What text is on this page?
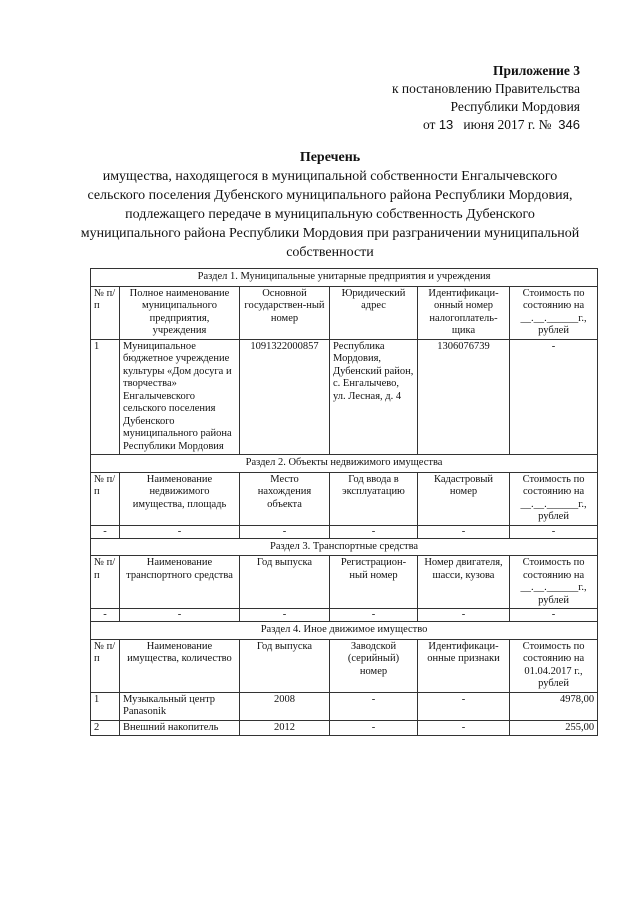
Приложение 3
к постановлению Правительства
Республики Мордовия
от 13 июня 2017 г. № 346
Перечень
имущества, находящегося в муниципальной собственности Енгалычевского сельского поселения Дубенского муниципального района Республики Мордовия, подлежащего передаче в муниципальную собственность Дубенского муниципального района Республики Мордовия при разграничении муниципальной собственности
Раздел 1. Муниципальные унитарные предприятия и учреждения					
№ п/п	Полное наименование муниципального предприятия, учреждения	Основной государствен-ный номер	Юридический адрес	Идентификаци-онный номер налогоплатель-щика	Стоимость по состоянию на __.__.______г., рублей
1	Муниципальное бюджетное учреждение культуры «Дом досуга и творчества» Енгалычевского сельского поселения Дубенского муниципального района Республики Мордовия	1091322000857	Республика Мордовия, Дубенский район, с. Енгалычево, ул. Лесная, д. 4	1306076739	-
Раздел 2. Объекты недвижимого имущества					
№ п/п	Наименование недвижимого имущества, площадь	Место нахождения объекта	Год ввода в эксплуатацию	Кадастровый номер	Стоимость по состоянию на __.__.______г., рублей
-	-	-	-	-	-
Раздел 3. Транспортные средства					
№ п/п	Наименование транспортного средства	Год выпуска	Регистрацион-ный номер	Номер двигателя, шасси, кузова	Стоимость по состоянию на __.__.______г., рублей
-	-	-	-	-	-
Раздел 4. Иное движимое имущество					
№ п/п	Наименование имущества, количество	Год выпуска	Заводской (серийный) номер	Идентификаци-онные признаки	Стоимость по состоянию на 01.04.2017 г., рублей
1	Музыкальный центр Panasonik	2008	-	-	4978,00
2	Внешний накопитель	2012	-	-	255,00
